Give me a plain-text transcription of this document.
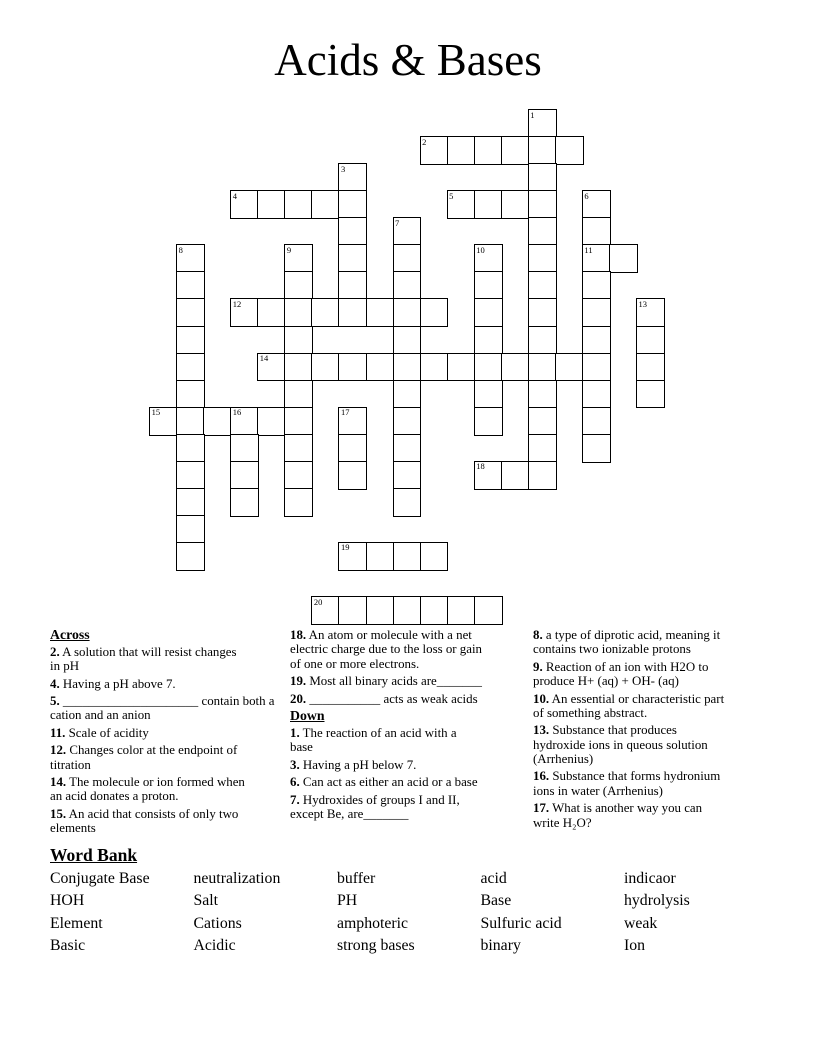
Acids & Bases
1
2
3
4	5	6
7
8	9	10	11
12	13
14
15	16	17
18
19
20
Across

2. A solution that will resist changes
in pH

4. Having a pH above 7.

5. _____________________ contain both a
cation and an anion

11. Scale of acidity

12. Changes color at the endpoint of
titration

14. The molecule or ion formed when
an acid donates a proton.

15. An acid that consists of only two
elements

18. An atom or molecule with a net
electric charge due to the loss or gain
of one or more electrons.

19. Most all binary acids are_______

20. ___________ acts as weak acids

Down

1. The reaction of an acid with a
base

3. Having a pH below 7.

6. Can act as either an acid or a base

7. Hydroxides of groups I and II,
except Be, are_______

8. a type of diprotic acid, meaning it
contains two ionizable protons

9. Reaction of an ion with H2O to
produce H+ (aq) + OH- (aq)

10. An essential or characteristic part
of something abstract.

13. Substance that produces
hydroxide ions in queous solution
(Arrhenius)

16. Substance that forms hydronium
ions in water (Arrhenius)

17. What is another way you can
write H₂O?

Word Bank
Conjugate Base	neutralization	buffer	acid	indicaor
HOH	Salt	PH	Base	hydrolysis
Element	Cations	amphoteric	Sulfuric acid	weak
Basic	Acidic	strong bases	binary	Ion
